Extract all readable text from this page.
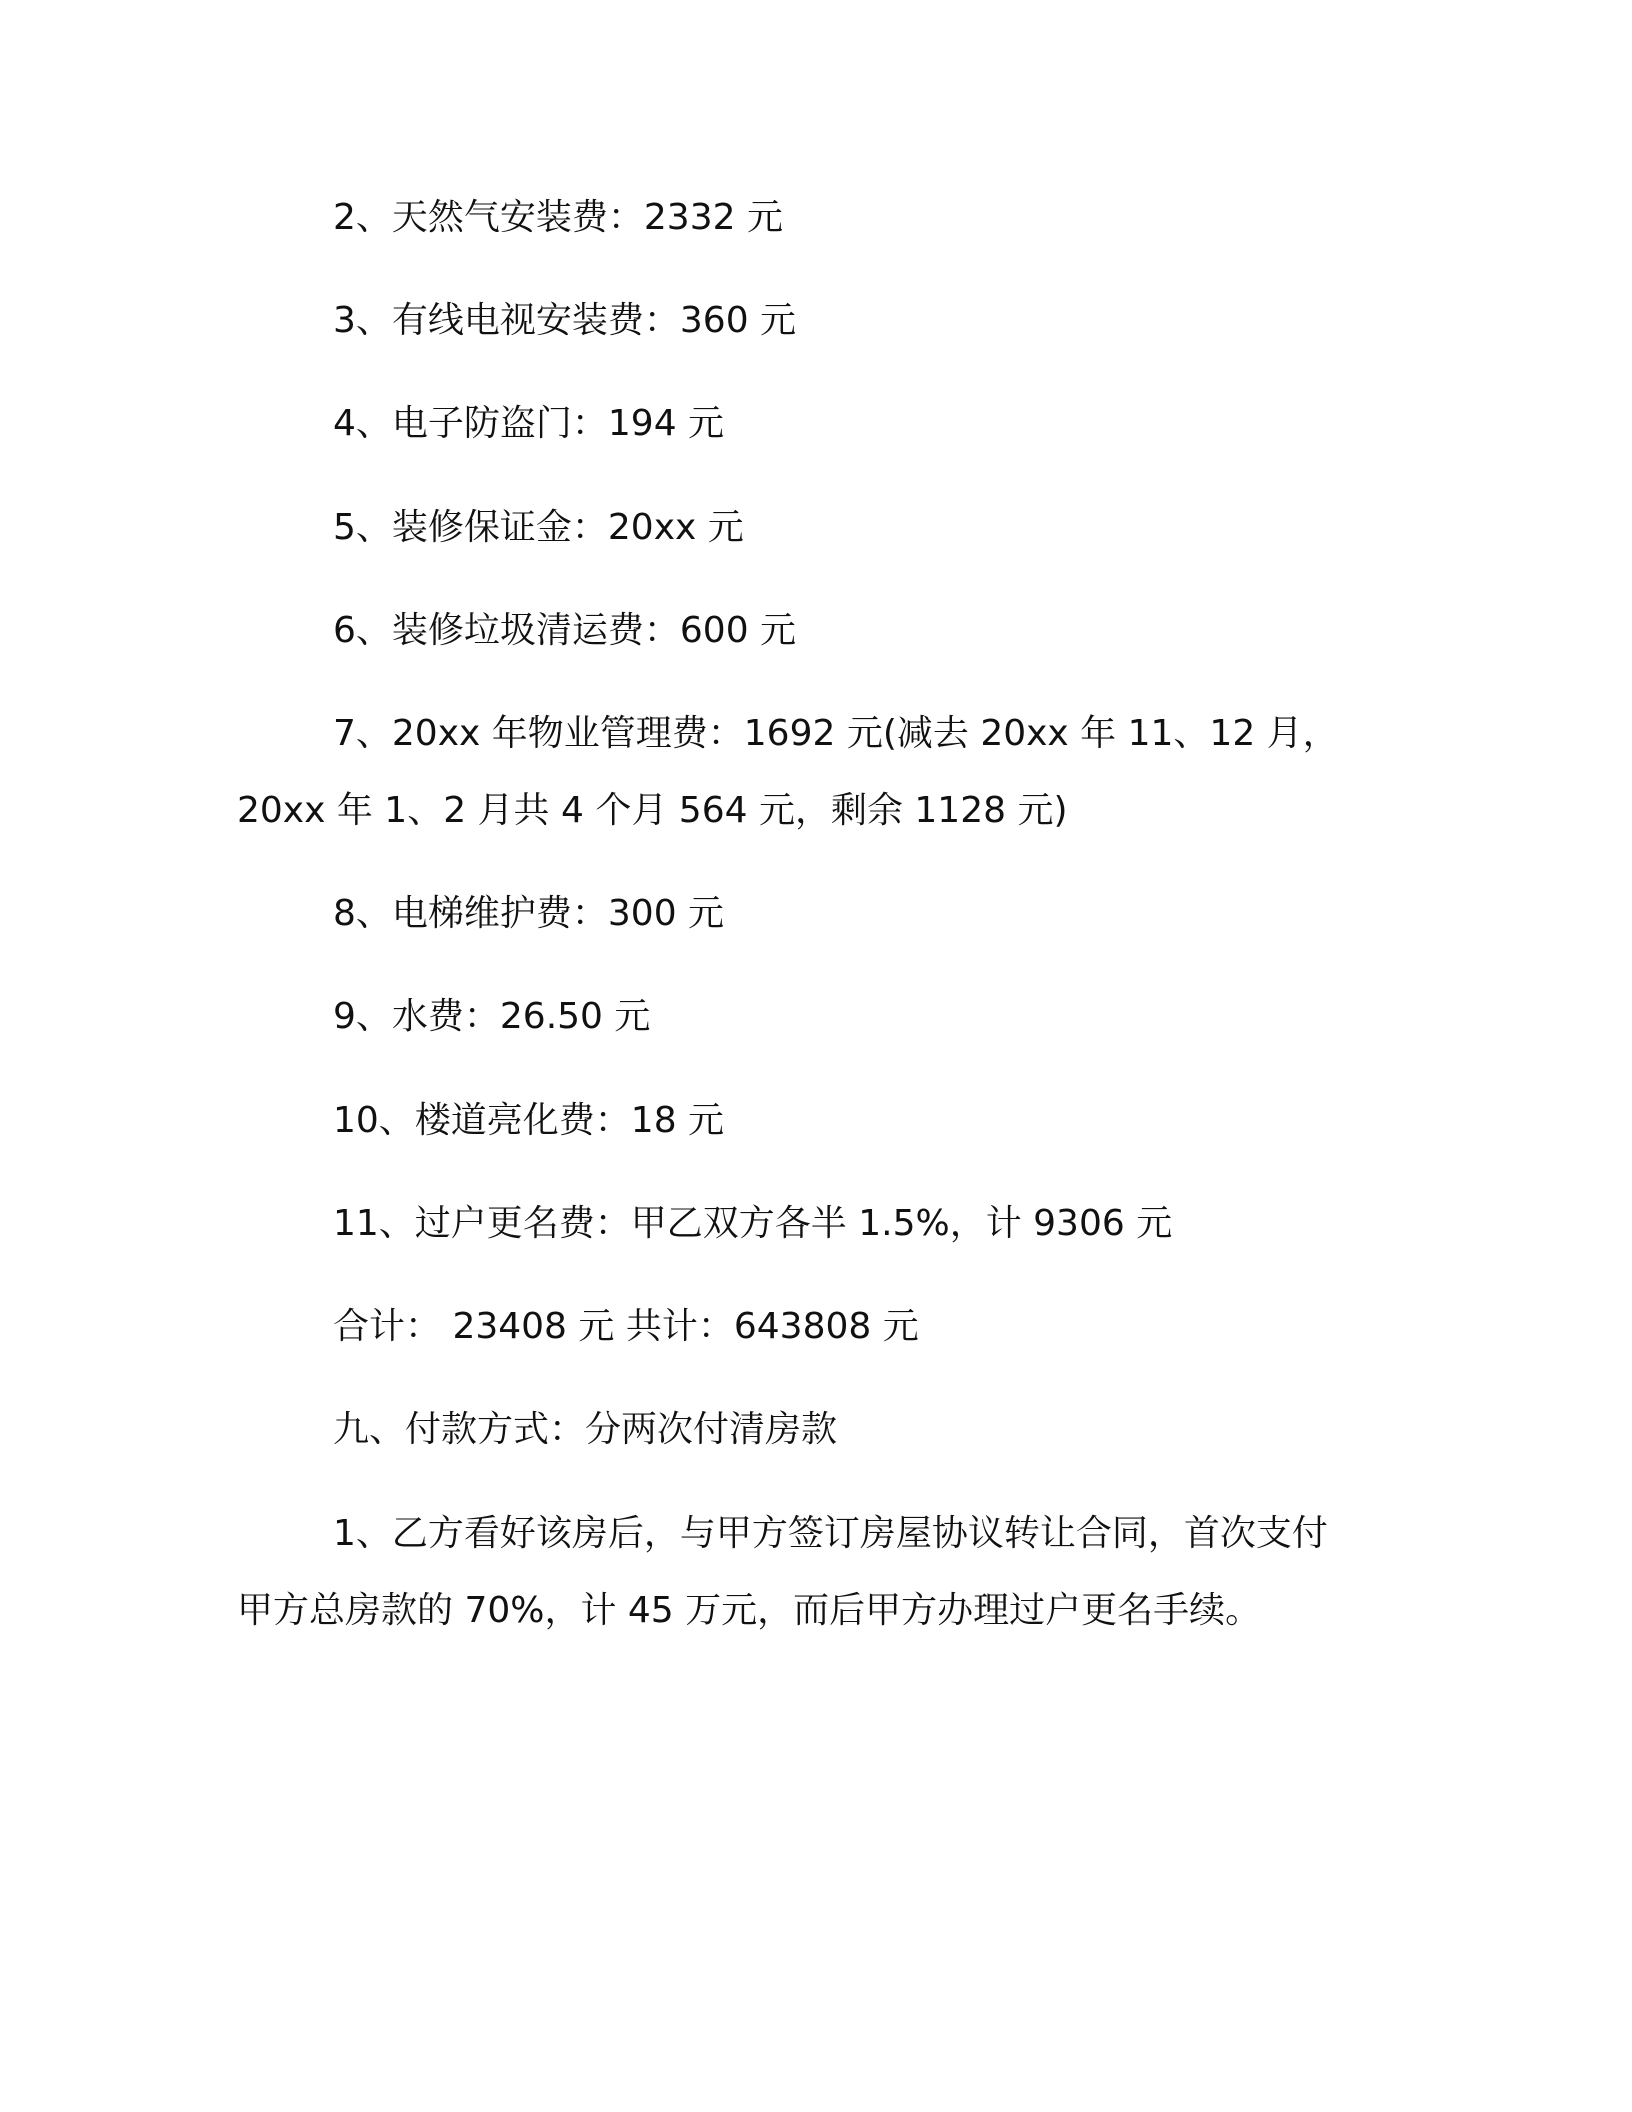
2、天然气安装费：2332 元
3、有线电视安装费：360 元
4、电子防盗门：194 元
5、装修保证金：20xx 元
6、装修垃圾清运费：600 元
7、20xx 年物业管理费：1692 元(减去 20xx 年 11、12 月，
20xx 年 1、2 月共 4 个月 564 元，剩余 1128 元)
8、电梯维护费：300 元
9、水费：26.50 元
10、楼道亮化费：18 元
11、过户更名费：甲乙双方各半 1.5%，计 9306 元
合计： 23408 元 共计：643808 元
九、付款方式：分两次付清房款
1、乙方看好该房后，与甲方签订房屋协议转让合同，首次支付
甲方总房款的 70%，计 45 万元，而后甲方办理过户更名手续。
